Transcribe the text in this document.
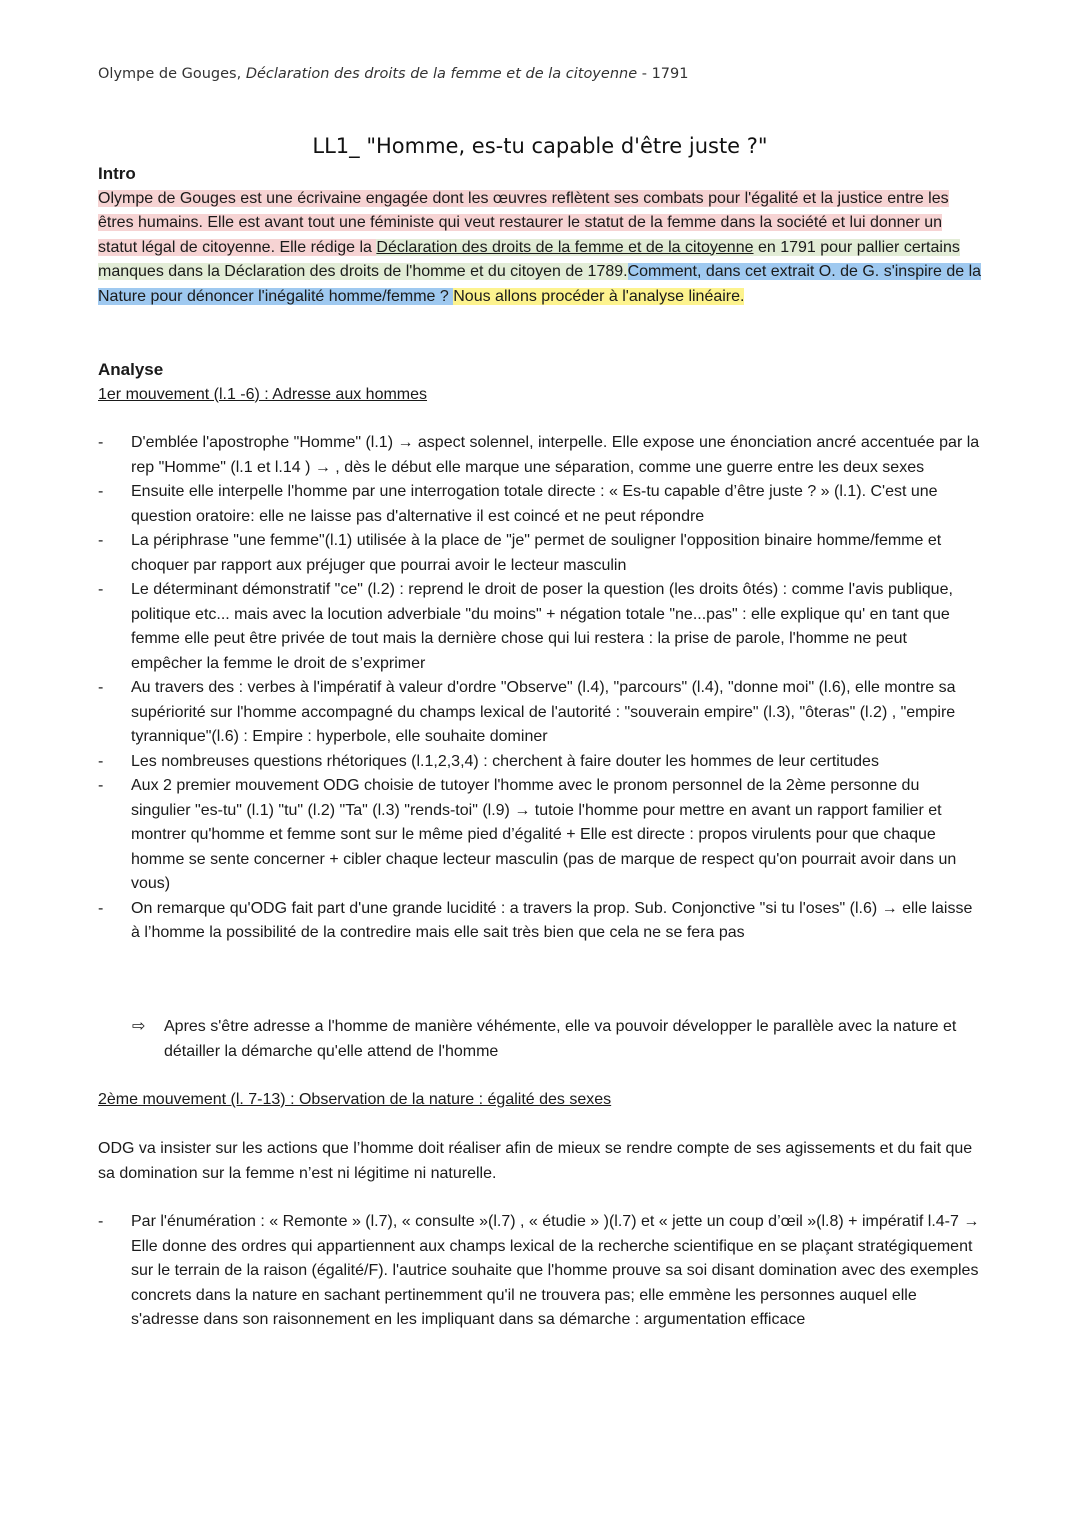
Olympe de Gouges, Déclaration des droits de la femme et de la citoyenne - 1791
LL1_ "Homme, es-tu capable d'être juste ?"
Intro
Olympe de Gouges est une écrivaine engagée dont les œuvres reflètent ses combats pour l'égalité et la justice entre les êtres humains. Elle est avant tout une féministe qui veut restaurer le statut de la femme dans la société et lui donner un statut légal de citoyenne. Elle rédige la Déclaration des droits de la femme et de la citoyenne en 1791 pour pallier certains manques dans la Déclaration des droits de l'homme et du citoyen de 1789.Comment, dans cet extrait O. de G. s'inspire de la Nature pour dénoncer l'inégalité homme/femme ? Nous allons procéder à l'analyse linéaire.
Analyse
1er mouvement (l.1 -6) : Adresse aux hommes
- D'emblée l'apostrophe "Homme" (l.1) → aspect solennel, interpelle. Elle expose une énonciation ancré accentuée par la rep "Homme" (l.1 et l.14 ) → , dès le début elle marque une séparation, comme une guerre entre les deux sexes
- Ensuite elle interpelle l'homme par une interrogation totale directe : « Es-tu capable d’être juste ? » (l.1). C'est une question oratoire: elle ne laisse pas d'alternative il est coincé et ne peut répondre
- La périphrase "une femme"(l.1) utilisée à la place de "je" permet de souligner l'opposition binaire homme/femme et choquer par rapport aux préjuger que pourrai avoir le lecteur masculin
- Le déterminant démonstratif "ce" (l.2) : reprend le droit de poser la question (les droits ôtés) : comme l'avis publique, politique etc... mais avec la locution adverbiale "du moins" + négation totale "ne...pas" : elle explique qu' en tant que femme elle peut être privée de tout mais la dernière chose qui lui restera : la prise de parole, l'homme ne peut empêcher la femme le droit de s’exprimer
- Au travers des : verbes à l'impératif à valeur d'ordre "Observe" (l.4), "parcours" (l.4), "donne moi" (l.6), elle montre sa supériorité sur l'homme accompagné du champs lexical de l'autorité : "souverain empire" (l.3), "ôteras" (l.2) , "empire tyrannique"(l.6) : Empire : hyperbole, elle souhaite dominer
- Les nombreuses questions rhétoriques (l.1,2,3,4) : cherchent à faire douter les hommes de leur certitudes
- Aux 2 premier mouvement ODG choisie de tutoyer l'homme avec le pronom personnel de la 2ème personne du singulier "es-tu" (l.1) "tu" (l.2) "Ta" (l.3) "rends-toi" (l.9) → tutoie l'homme pour mettre en avant un rapport familier et montrer qu'homme et femme sont sur le même pied d’égalité + Elle est directe : propos virulents pour que chaque homme se sente concerner + cibler chaque lecteur masculin (pas de marque de respect qu'on pourrait avoir dans un vous)
- On remarque qu'ODG fait part d'une grande lucidité : a travers la prop. Sub. Conjonctive "si tu l'oses" (l.6) → elle laisse à l’homme la possibilité de la contredire mais elle sait très bien que cela ne se fera pas
⇨ Apres s'être adresse a l'homme de manière véhémente, elle va pouvoir développer le parallèle avec la nature et détailler la démarche qu'elle attend de l'homme
2ème mouvement (l. 7-13) : Observation de la nature : égalité des sexes
ODG va insister sur les actions que l’homme doit réaliser afin de mieux se rendre compte de ses agissements et du fait que sa domination sur la femme n’est ni légitime ni naturelle.
- Par l'énumération : « Remonte » (l.7), « consulte »(l.7) , « étudie » )(l.7) et « jette un coup d’œil »(l.8) + impératif l.4-7 → Elle donne des ordres qui appartiennent aux champs lexical de la recherche scientifique en se plaçant stratégiquement sur le terrain de la raison (égalité/F). l'autrice souhaite que l'homme prouve sa soi disant domination avec des exemples concrets dans la nature en sachant pertinemment qu'il ne trouvera pas; elle emmène les personnes auquel elle s'adresse dans son raisonnement en les impliquant dans sa démarche : argumentation efficace
